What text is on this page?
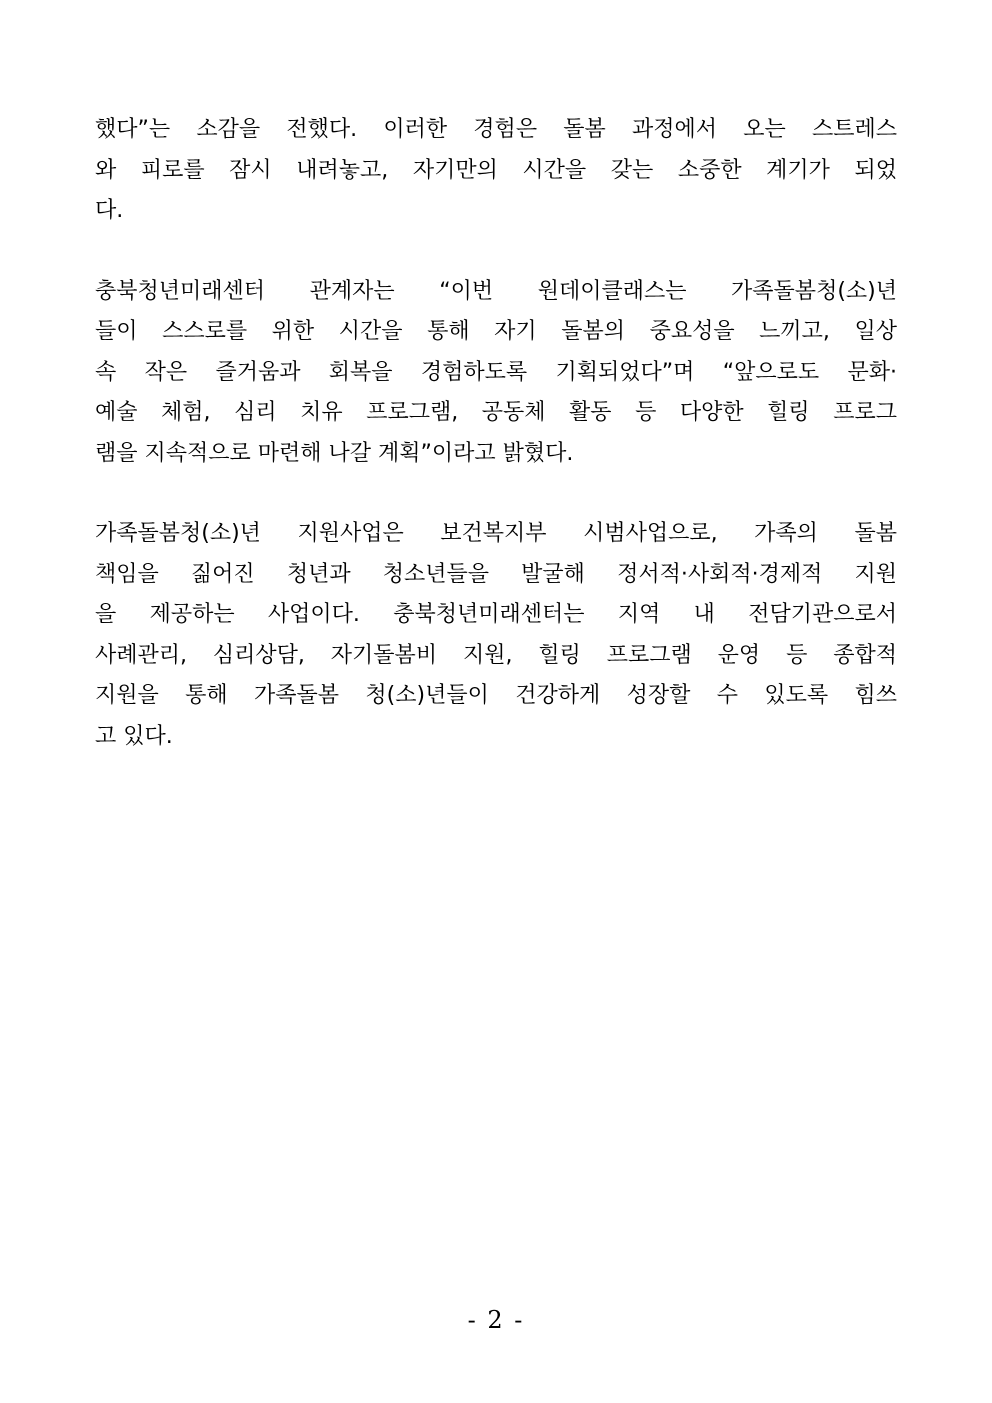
했다”는 소감을 전했다. 이러한 경험은 돌봄 과정에서 오는 스트레스
와 피로를 잠시 내려놓고, 자기만의 시간을 갖는 소중한 계기가 되었
다.
충북청년미래센터 관계자는 “이번 원데이클래스는 가족돌봄청(소)년
들이 스스로를 위한 시간을 통해 자기 돌봄의 중요성을 느끼고, 일상
속 작은 즐거움과 회복을 경험하도록 기획되었다”며 “앞으로도 문화·
예술 체험, 심리 치유 프로그램, 공동체 활동 등 다양한 힐링 프로그
램을 지속적으로 마련해 나갈 계획”이라고 밝혔다.
가족돌봄청(소)년 지원사업은 보건복지부 시범사업으로, 가족의 돌봄
책임을 짊어진 청년과 청소년들을 발굴해 정서적·사회적·경제적 지원
을 제공하는 사업이다. 충북청년미래센터는 지역 내 전담기관으로서
사례관리, 심리상담, 자기돌봄비 지원, 힐링 프로그램 운영 등 종합적
지원을 통해 가족돌봄 청(소)년들이 건강하게 성장할 수 있도록 힘쓰
고 있다.
- 2 -
